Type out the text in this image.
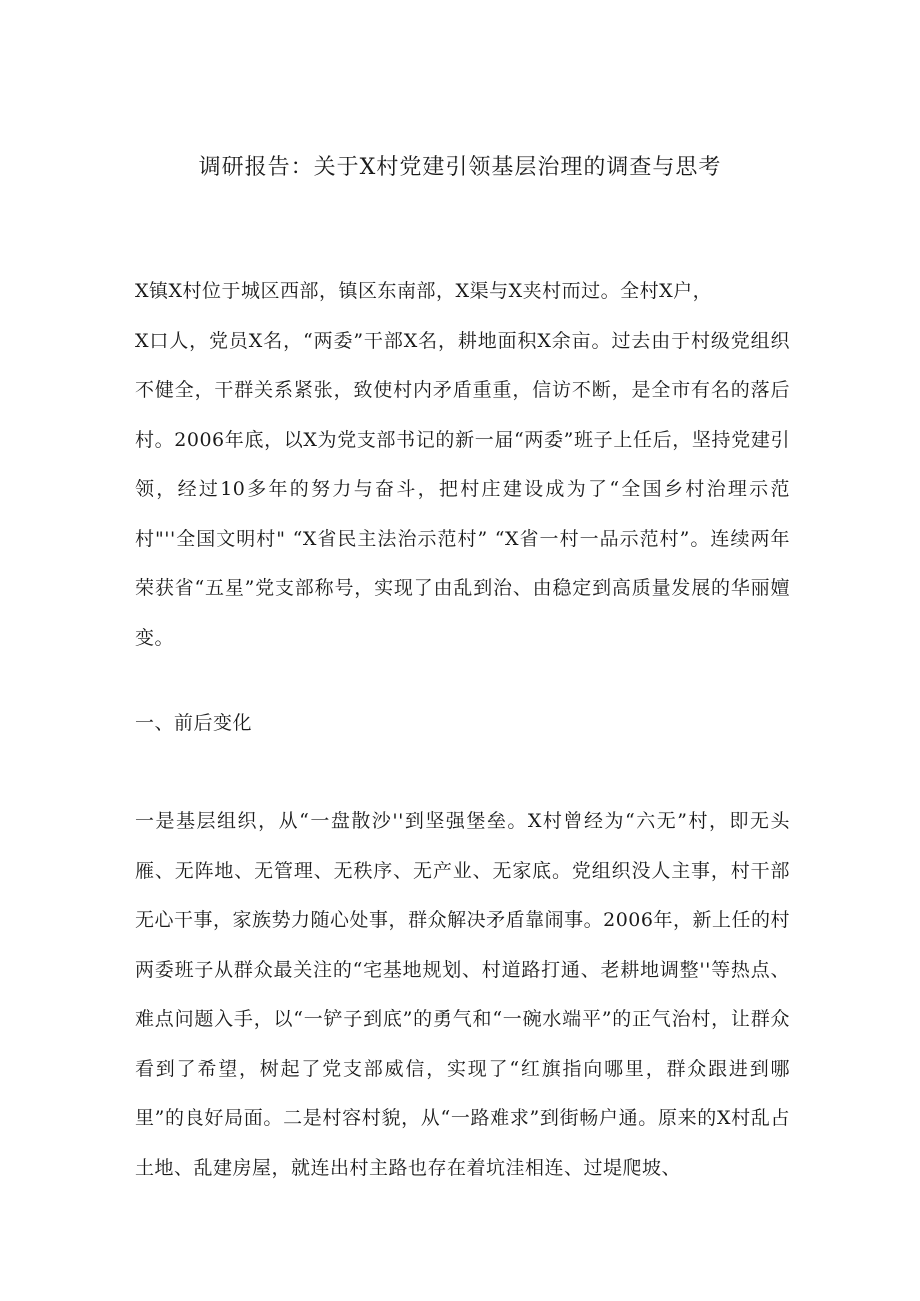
调研报告：关于X村党建引领基层治理的调查与思考

X镇X村位于城区西部，镇区东南部，X渠与X夹村而过。全村X户，
X口人，党员X名，“两委”干部X名，耕地面积X余亩。过去由于村级党组织不健全，干群关系紧张，致使村内矛盾重重，信访不断，是全市有名的落后村。2006年底，以X为党支部书记的新一届“两委”班子上任后，坚持党建引领，经过10多年的努力与奋斗，把村庄建设成为了“全国乡村治理示范村"''全国文明村" “X省民主法治示范村” “X省一村一品示范村”。连续两年荣获省“五星”党支部称号，实现了由乱到治、由稳定到高质量发展的华丽嬗变。

一、前后变化

一是基层组织，从“一盘散沙''到坚强堡垒。X村曾经为“六无”村，即无头雁、无阵地、无管理、无秩序、无产业、无家底。党组织没人主事，村干部无心干事，家族势力随心处事，群众解决矛盾靠闹事。2006年，新上任的村两委班子从群众最关注的“宅基地规划、村道路打通、老耕地调整''等热点、难点问题入手，以“一铲子到底”的勇气和“一碗水端平”的正气治村，让群众看到了希望，树起了党支部威信，实现了“红旗指向哪里，群众跟进到哪里”的良好局面。二是村容村貌，从“一路难求”到街畅户通。原来的X村乱占土地、乱建房屋，就连出村主路也存在着坑洼相连、过堤爬坡、
